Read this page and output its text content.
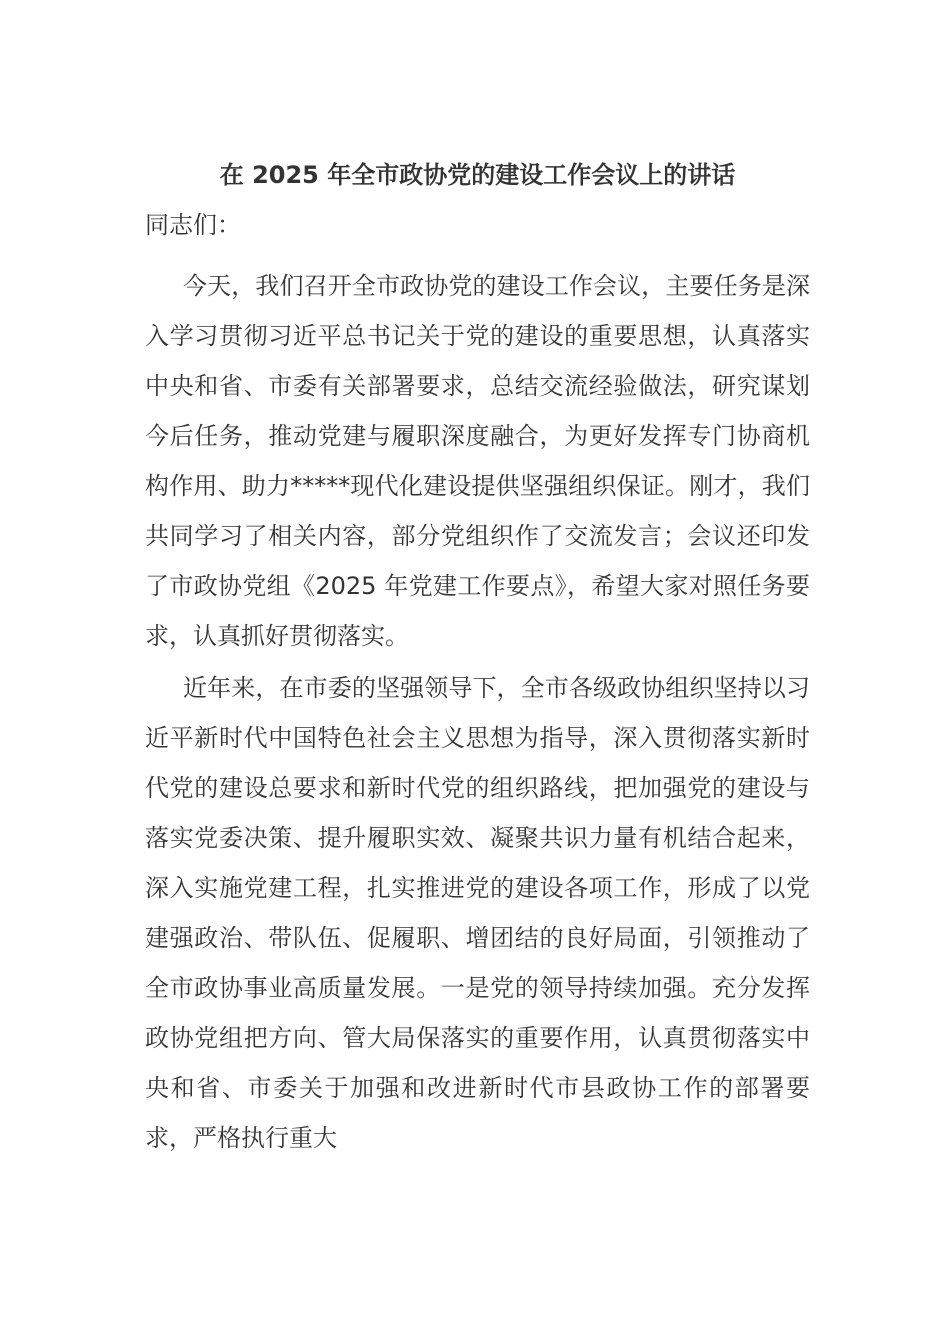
在 2025 年全市政协党的建设工作会议上的讲话
同志们：

今天，我们召开全市政协党的建设工作会议，主要任务是深入学习贯彻习近平总书记关于党的建设的重要思想，认真落实中央和省、市委有关部署要求，总结交流经验做法，研究谋划今后任务，推动党建与履职深度融合，为更好发挥专门协商机构作用、助力*****现代化建设提供坚强组织保证。刚才，我们共同学习了相关内容，部分党组织作了交流发言；会议还印发了市政协党组《2025 年党建工作要点》，希望大家对照任务要求，认真抓好贯彻落实。

近年来，在市委的坚强领导下，全市各级政协组织坚持以习近平新时代中国特色社会主义思想为指导，深入贯彻落实新时代党的建设总要求和新时代党的组织路线，把加强党的建设与落实党委决策、提升履职实效、凝聚共识力量有机结合起来，深入实施党建工程，扎实推进党的建设各项工作，形成了以党建强政治、带队伍、促履职、增团结的良好局面，引领推动了全市政协事业高质量发展。一是党的领导持续加强。充分发挥政协党组把方向、管大局保落实的重要作用，认真贯彻落实中央和省、市委关于加强和改进新时代市县政协工作的部署要求，严格执行重大
